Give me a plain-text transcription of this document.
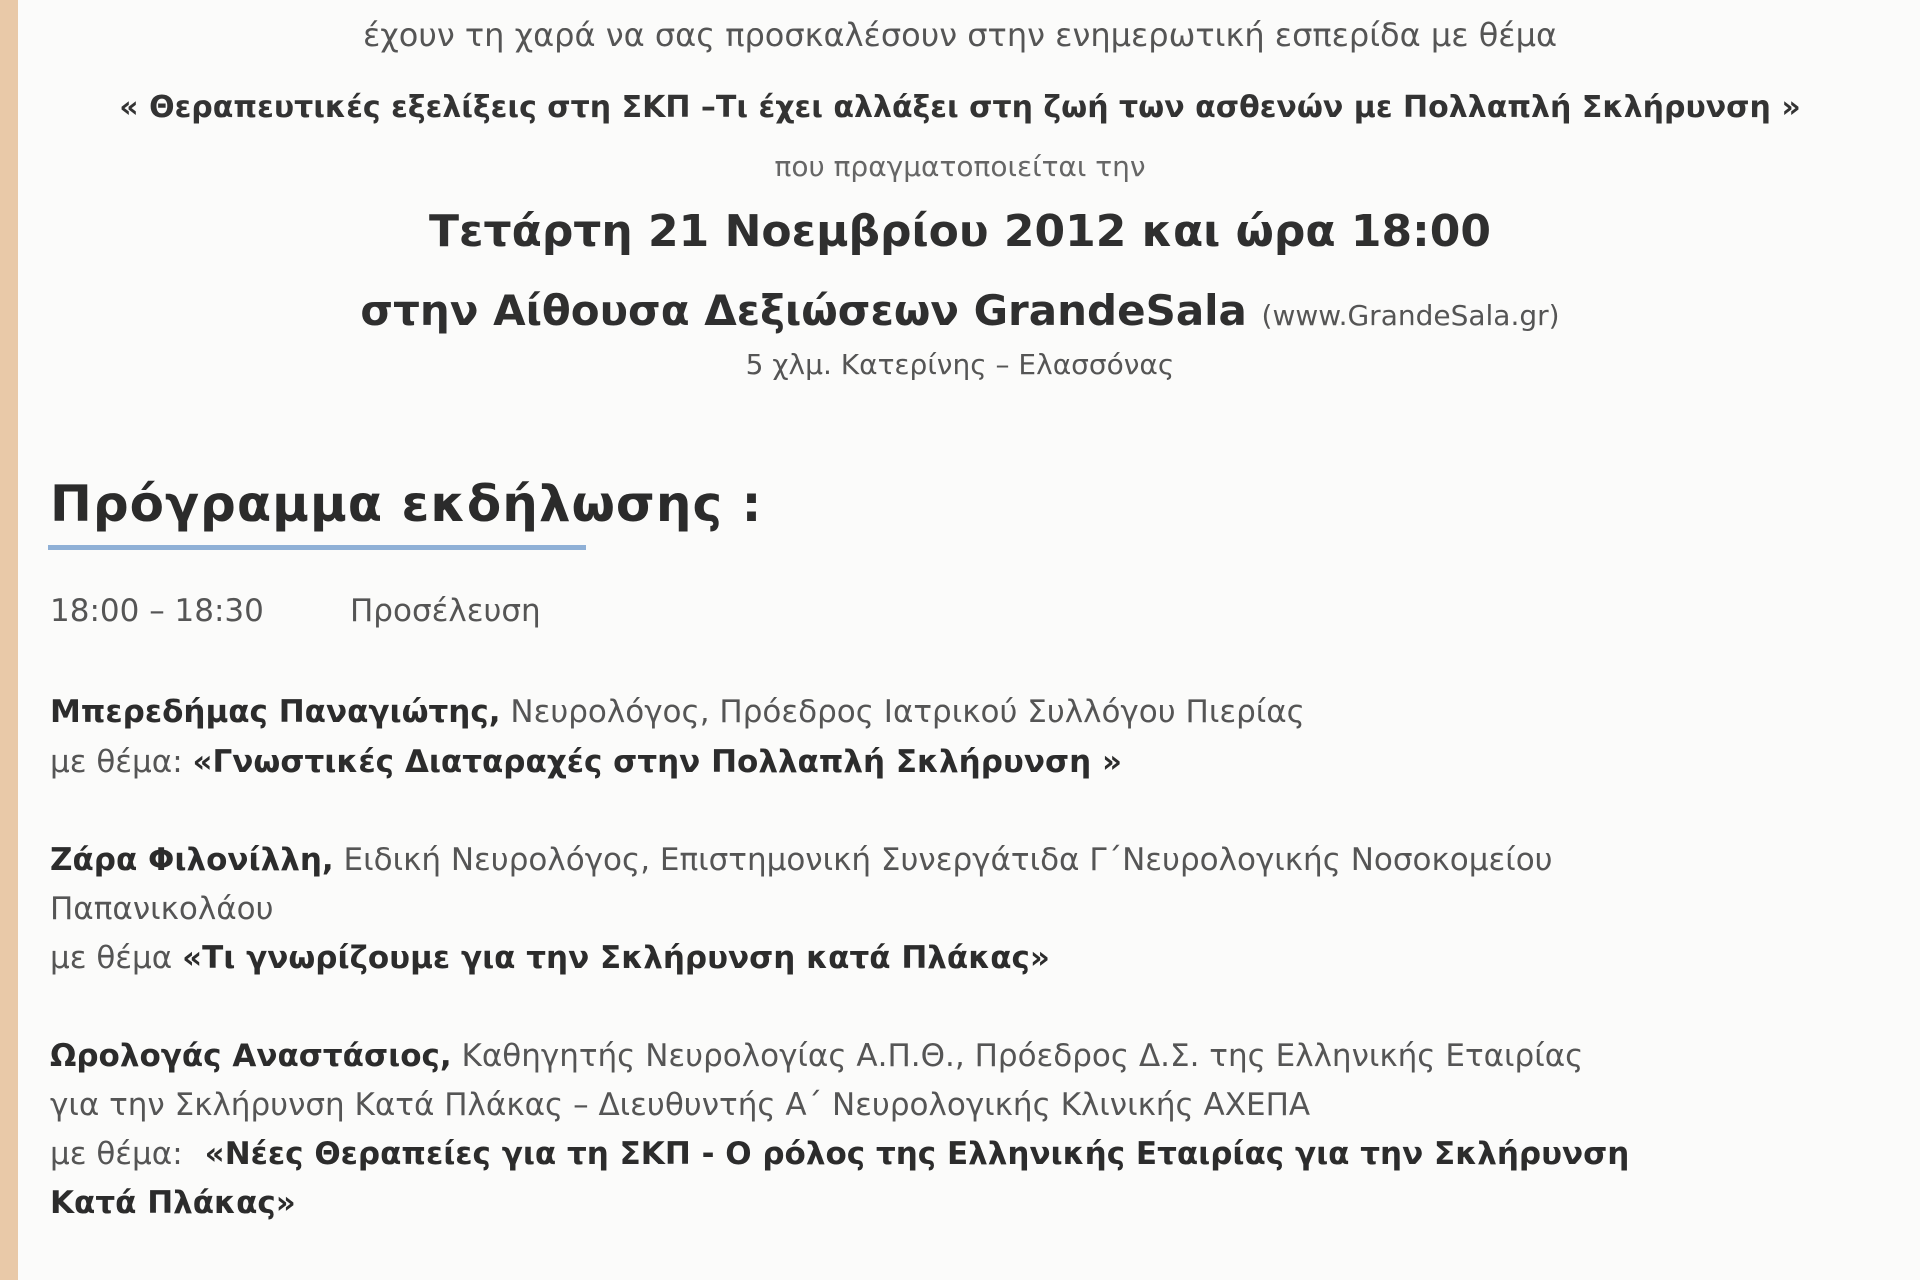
έχουν τη χαρά να σας προσκαλέσουν στην ενημερωτική εσπερίδα με θέμα
« Θεραπευτικές εξελίξεις στη ΣΚΠ –Τι έχει αλλάξει στη ζωή των ασθενών με Πολλαπλή Σκλήρυνση »
που πραγματοποιείται την
Τετάρτη 21 Νοεμβρίου 2012 και ώρα 18:00
στην Αίθουσα Δεξιώσεων GrandeSala (www.GrandeSala.gr)
5 χλμ. Κατερίνης – Ελασσόνας
Πρόγραμμα εκδήλωσης :
18:00 – 18:30	Προσέλευση
Μπερεδήμας Παναγιώτης, Νευρολόγος, Πρόεδρος Ιατρικού Συλλόγου Πιερίας
με θέμα: «Γνωστικές Διαταραχές στην Πολλαπλή Σκλήρυνση »
Ζάρα Φιλονίλλη, Ειδική Νευρολόγος, Επιστημονική Συνεργάτιδα Γ΄Νευρολογικής Νοσοκομείου
Παπανικολάου
με θέμα «Τι γνωρίζουμε για την Σκλήρυνση κατά Πλάκας»
Ωρολογάς Αναστάσιος, Καθηγητής Νευρολογίας Α.Π.Θ., Πρόεδρος Δ.Σ. της Ελληνικής Εταιρίας
για την Σκλήρυνση Κατά Πλάκας – Διευθυντής Α΄ Νευρολογικής Κλινικής ΑΧΕΠΑ
με θέμα: «Νέες Θεραπείες για τη ΣΚΠ - Ο ρόλος της Ελληνικής Εταιρίας για την Σκλήρυνση
Κατά Πλάκας»
